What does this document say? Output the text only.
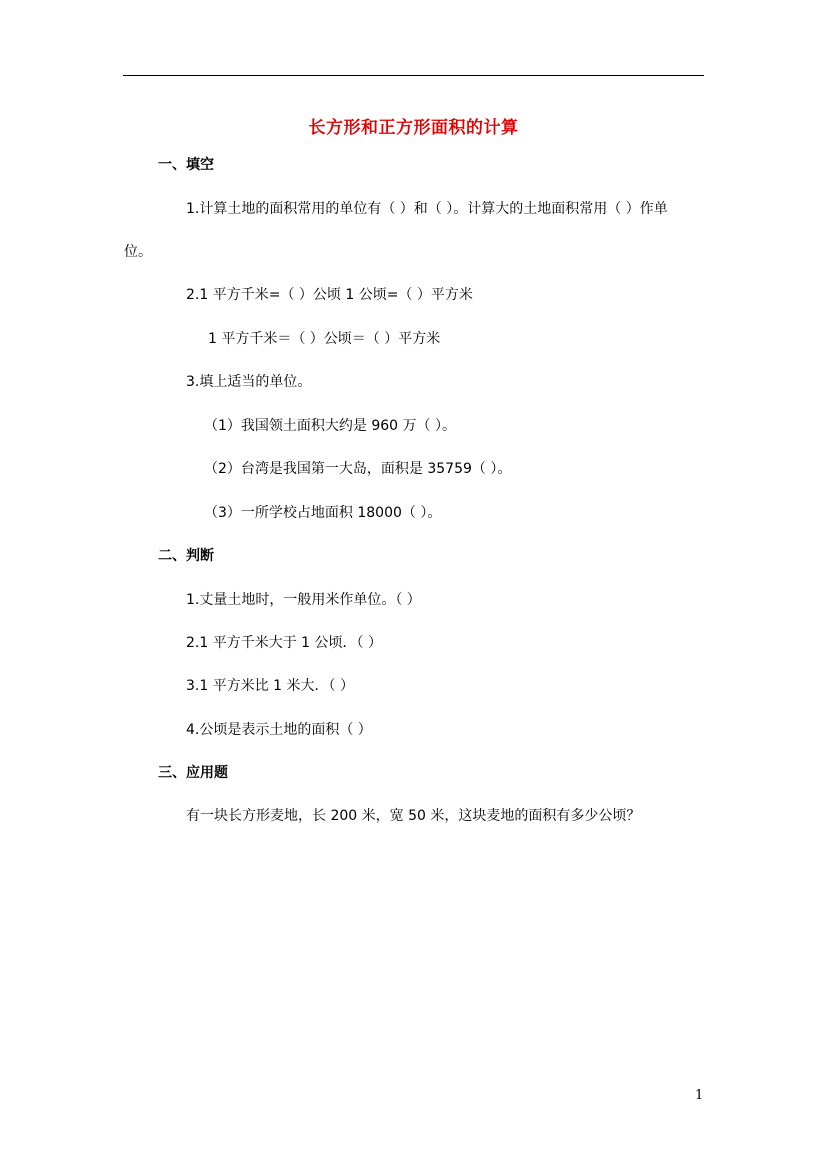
长方形和正方形面积的计算
一、填空
1.计算土地的面积常用的单位有（ ）和（ ）。计算大的土地面积常用（ ）作单
位。
2.1 平方千米=（ ）公顷 1 公顷=（ ）平方米
1 平方千米＝（ ）公顷＝（ ）平方米
3.填上适当的单位。
（1）我国领土面积大约是 960 万（ ）。
（2）台湾是我国第一大岛，面积是 35759（ ）。
（3）一所学校占地面积 18000（ ）。
二、判断
1.丈量土地时，一般用米作单位。（ ）
2.1 平方千米大于 1 公顷．（ ）
3.1 平方米比 1 米大．（ ）
4.公顷是表示土地的面积（ ）
三、应用题
有一块长方形麦地，长 200 米，宽 50 米，这块麦地的面积有多少公顷？
1
